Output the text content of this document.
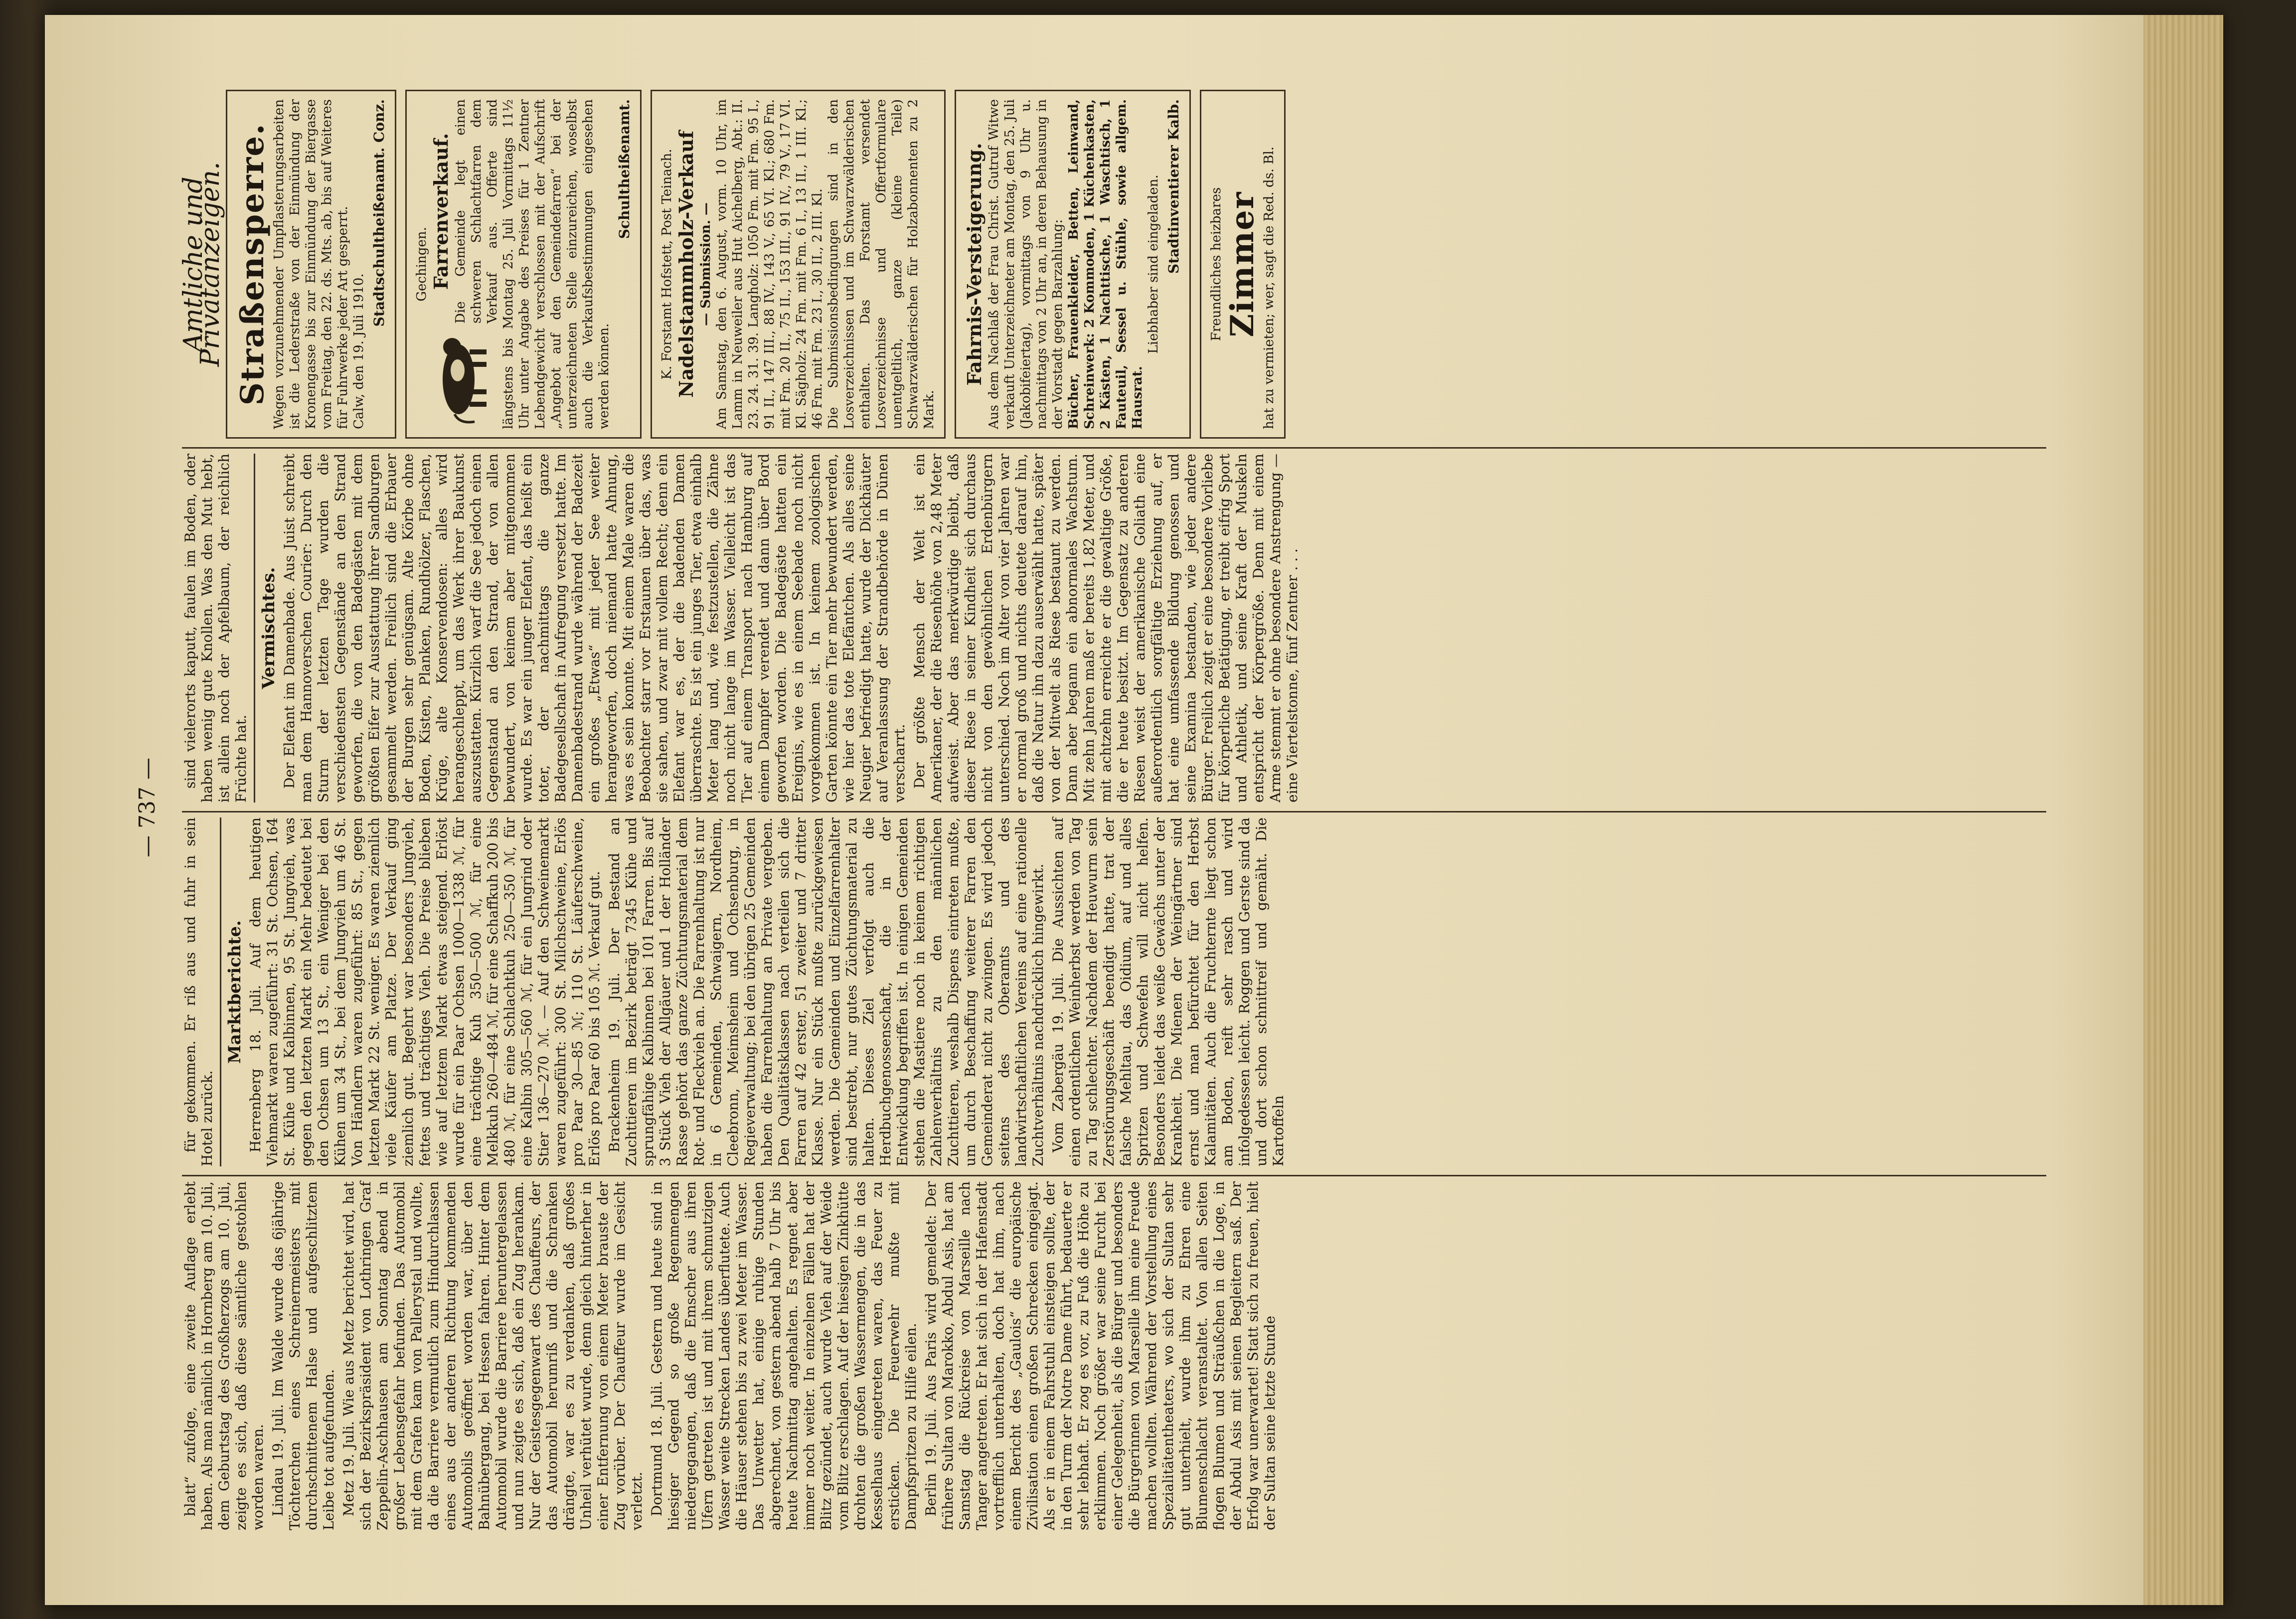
— 737 —

blatt“ zufolge, eine zweite Auflage erlebt haben. Als man nämlich in Hornberg am 10. Juli, dem Geburtstag des Großherzogs am 10. Juli, zeigte es sich, daß diese sämtliche gestohlen worden waren. Lindau 19. Juli. Im Walde wurde das 6jährige Töchterchen eines Schreinermeisters mit durchschnittenem Halse und aufgeschlitztem Leibe tot aufgefunden. Metz 19. Juli. Wie aus Metz berichtet wird, hat sich der Bezirkspräsident von Lothringen Graf Zeppelin-Aschhausen am Sonntag abend in großer Lebensgefahr befunden. Das Automobil mit dem Grafen kam von Pallerystal und wollte, da die Barriere vermutlich zum Hindurchlassen eines aus der anderen Richtung kommenden Automobils geöffnet worden war, über den Bahnübergang, bei Hessen fahren. Hinter dem Automobil wurde die Barriere heruntergelassen und nun zeigte es sich, daß ein Zug herankam. Nur der Geistesgegenwart des Chauffeurs, der das Automobil herumriß und die Schranken drängte, war es zu verdanken, daß großes Unheil verhütet wurde, denn gleich hinterher in einer Entfernung von einem Meter brauste der Zug vorüber. Der Chauffeur wurde im Gesicht verletzt. Dortmund 18. Juli. Gestern und heute sind in hiesiger Gegend so große Regenmengen niedergegangen, daß die Emscher aus ihren Ufern getreten ist und mit ihrem schmutzigen Wasser weite Strecken Landes überflutete. Auch die Häuser stehen bis zu zwei Meter im Wasser. Das Unwetter hat, einige ruhige Stunden abgerechnet, von gestern abend halb 7 Uhr bis heute Nachmittag angehalten. Es regnet aber immer noch weiter. In einzelnen Fällen hat der Blitz gezündet, auch wurde Vieh auf der Weide vom Blitz erschlagen. Auf der hiesigen Zinkhütte drohten die großen Wassermengen, die in das Kesselhaus eingetreten waren, das Feuer zu ersticken. Die Feuerwehr mußte mit Dampfspritzen zu Hilfe eilen. Berlin 19. Juli. Aus Paris wird gemeldet: Der frühere Sultan von Marokko, Abdul Asis, hat am Samstag die Rückreise von Marseille nach Tanger angetreten. Er hat sich in der Hafenstadt vortrefflich unterhalten, doch hat ihm, nach einem Bericht des „Gaulois“ die europäische Zivilisation einen großen Schrecken eingejagt. Als er in einem Fahrstuhl einsteigen sollte, der in den Turm der Notre Dame führt, bedauerte er sehr lebhaft. Er zog es vor, zu Fuß die Höhe zu erklimmen. Noch größer war seine Furcht bei einer Gelegenheit, als die Bürger und besonders die Bürgerinnen von Marseille ihm eine Freude machen wollten. Während der Vorstellung eines Spezialitätentheaters, wo sich der Sultan sehr gut unterhielt, wurde ihm zu Ehren eine Blumenschlacht veranstaltet. Von allen Seiten flogen Blumen und Sträußchen in die Loge, in der Abdul Asis mit seinen Begleitern saß. Der Erfolg war unerwartet! Statt sich zu freuen, hielt der Sultan seine letzte Stunde

für gekommen. Er riß aus und fuhr in sein Hotel zurück.

Marktberichte. Herrenberg 18. Juli. Auf dem heutigen Viehmarkt waren zugeführt: 31 St. Ochsen, 164 St. Kühe und Kalbinnen, 95 St. Jungvieh, was gegen den letzten Markt ein Mehr bedeutet bei den Ochsen um 13 St., ein Weniger bei den Kühen um 34 St., bei dem Jungvieh um 46 St. Von Händlern waren zugeführt: 85 St., gegen letzten Markt 22 St. weniger. Es waren ziemlich viele Käufer am Platze. Der Verkauf ging ziemlich gut. Begehrt war besonders Jungvieh, fettes und trächtiges Vieh. Die Preise blieben wie auf letztem Markt etwas steigend. Erlöst wurde für ein Paar Ochsen 1000—1338 ℳ, für eine trächtige Kuh 350—500 ℳ, für eine Melkkuh 260—484 ℳ, für eine Schaffkuh 200 bis 480 ℳ, für eine Schlachtkuh 250—350 ℳ, für eine Kalbin 305—560 ℳ, für ein Jungrind oder Stier 136—270 ℳ. — Auf den Schweinemarkt waren zugeführt: 300 St. Milchschweine, Erlös pro Paar 30—85 ℳ; 110 St. Läuferschweine, Erlös pro Paar 60 bis 105 ℳ. Verkauf gut. Brackenheim 19. Juli. Der Bestand an Zuchttieren im Bezirk beträgt 7345 Kühe und sprungfähige Kalbinnen bei 101 Farren. Bis auf 3 Stück Vieh der Allgäuer und 1 der Holländer Rasse gehört das ganze Züchtungsmaterial dem Rot- und Fleckvieh an. Die Farrenhaltung ist nur in 6 Gemeinden, Schwaigern, Nordheim, Cleebronn, Meimsheim und Ochsenburg, in Regieverwaltung; bei den übrigen 25 Gemeinden haben die Farrenhaltung an Private vergeben. Den Qualitätsklassen nach verteilen sich die Farren auf 42 erster, 51 zweiter und 7 dritter Klasse. Nur ein Stück mußte zurückgewiesen werden. Die Gemeinden und Einzelfarrenhalter sind bestrebt, nur gutes Züchtungsmaterial zu halten. Dieses Ziel verfolgt auch die Herdbuchgenossenschaft, die in der Entwicklung begriffen ist. In einigen Gemeinden stehen die Mastiere noch in keinem richtigen Zahlenverhältnis zu den männlichen Zuchttieren, weshalb Dispens eintreten mußte, um durch Beschaffung weiterer Farren den Gemeinderat nicht zu zwingen. Es wird jedoch seitens des Oberamts und des landwirtschaftlichen Vereins auf eine rationelle Zuchtverhältnis nachdrücklich hingewirkt. Vom Zabergäu 19. Juli. Die Aussichten auf einen ordentlichen Weinherbst werden von Tag zu Tag schlechter. Nachdem der Heuwurm sein Zerstörungsgeschäft beendigt hatte, trat der falsche Mehltau, das Oidium, auf und alles Spritzen und Schwefeln will nicht helfen. Besonders leidet das weiße Gewächs unter der Krankheit. Die Mienen der Weingärtner sind ernst und man befürchtet für den Herbst Kalamitäten. Auch die Fruchternte liegt schon am Boden, reift sehr rasch und wird infolgedessen leicht. Roggen und Gerste sind da und dort schon schnittreif und gemäht. Die Kartoffeln

sind vielerorts kaputt, faulen im Boden, oder haben wenig gute Knollen. Was den Mut hebt, ist allein noch der Apfelbaum, der reichlich Früchte hat.

Vermischtes. Der Elefant im Damenbade. Aus Juist schreibt man dem Hannoverschen Courier: Durch den Sturm der letzten Tage wurden die verschiedensten Gegenstände an den Strand geworfen, die von den Badegästen mit dem größten Eifer zur Ausstattung ihrer Sandburgen gesammelt werden. Freilich sind die Erbauer der Burgen sehr genügsam. Alte Körbe ohne Boden, Kisten, Planken, Rundhölzer, Flaschen, Krüge, alte Konservendosen: alles wird herangeschleppt, um das Werk ihrer Baukunst auszustatten. Kürzlich warf die See jedoch einen Gegenstand an den Strand, der von allen bewundert, von keinem aber mitgenommen wurde. Es war ein junger Elefant, das heißt ein toter, der nachmittags die ganze Badegesellschaft in Aufregung versetzt hatte. Im Damenbadestrand wurde während der Badezeit ein großes „Etwas“ mit jeder See weiter herangeworfen, doch niemand hatte Ahnung, was es sein konnte. Mit einem Male waren die Beobachter starr vor Erstaunen über das, was sie sahen, und zwar mit vollem Recht; denn ein Elefant war es, der die badenden Damen überraschte. Es ist ein junges Tier, etwa einhalb Meter lang und, wie festzustellen, die Zähne noch nicht lange im Wasser. Vielleicht ist das Tier auf einem Transport nach Hamburg auf einem Dampfer verendet und dann über Bord geworfen worden. Die Badegäste hatten ein Ereignis, wie es in einem Seebade noch nicht vorgekommen ist. In keinem zoologischen Garten könnte ein Tier mehr bewundert werden, wie hier das tote Elefäntchen. Als alles seine Neugier befriedigt hatte, wurde der Dickhäuter auf Veranlassung der Strandbehörde in Dünen verscharrt. Der größte Mensch der Welt ist ein Amerikaner, der die Riesenhöhe von 2,48 Meter aufweist. Aber das merkwürdige bleibt, daß dieser Riese in seiner Kindheit sich durchaus nicht von den gewöhnlichen Erdenbürgern unterschied. Noch im Alter von vier Jahren war er normal groß und nichts deutete darauf hin, daß die Natur ihn dazu auserwählt hatte, später von der Mitwelt als Riese bestaunt zu werden. Dann aber begann ein abnormales Wachstum. Mit zehn Jahren maß er bereits 1,82 Meter, und mit achtzehn erreichte er die gewaltige Größe, die er heute besitzt. Im Gegensatz zu anderen Riesen weist der amerikanische Goliath eine außerordentlich sorgfältige Erziehung auf, er hat eine umfassende Bildung genossen und seine Examina bestanden, wie jeder andere Bürger. Freilich zeigt er eine besondere Vorliebe für körperliche Betätigung, er treibt eifrig Sport und Athletik, und seine Kraft der Muskeln entspricht der Körpergröße. Denn mit einem Arme stemmt er ohne besondere Anstrengung — eine Viertelstonne, fünf Zentner . . .

Amtliche und Privatanzeigen. Straßensperre. Wegen vorzunehmender Umpflasterungsarbeiten ist die Lederstraße von der Einmündung der Kronengasse bis zur Einmündung der Biergasse vom Freitag, den 22. ds. Mts. ab, bis auf Weiteres für Fuhrwerke jeder Art gesperrt. Calw, den 19. Juli 1910.
Stadtschultheißenamt. Conz. Gechingen. Farrenverkauf. Die Gemeinde legt einen schweren Schlachtfarren dem Verkauf aus. Offerte sind längstens bis Montag 25. Juli Vormittags 11½ Uhr unter Angabe des Preises für 1 Zentner Lebendgewicht verschlossen mit der Aufschrift „Angebot auf den Gemeindefarren“ bei der unterzeichneten Stelle einzureichen, woselbst auch die Verkaufsbestimmungen eingesehen werden können.
Schultheißenamt. K. Forstamt Hofstett, Post Teinach. Nadelstammholz-Verkauf — Submission. — Am Samstag, den 6. August, vorm. 10 Uhr, im Lamm in Neuweiler aus Hut Aichelberg, Abt.: II. 23. 24. 31. 39. Langholz: 1050 Fm. mit Fm. 95 I., 91 II., 147 III., 88 IV., 143 V., 65 VI. Kl.; 680 Fm. mit Fm. 20 II., 75 II., 153 III., 91 IV., 79 V., 17 VI. Kl. Sägholz: 24 Fm. mit Fm. 6 I., 13 II., 1 III. Kl.; 46 Fm. mit Fm. 23 I., 30 II., 2 III. Kl. Die Submissionsbedingungen sind in den Losverzeichnissen und im Schwarzwälderischen enthalten. Das Forstamt versendet Losverzeichnisse und Offertformulare unentgeltlich, ganze (kleine Teile) Schwarzwälderischen für Holzabonnenten zu 2 Mark.
Fahrnis-Versteigerung. Aus dem Nachlaß der Frau Christ. Gutruf Witwe verkauft Unterzeichneter am Montag, den 25. Juli (Jakobifeiertag), vormittags von 9 Uhr u. nachmittags von 2 Uhr an, in deren Behausung in der Vorstadt gegen Barzahlung: Bücher, Frauenkleider, Betten, Leinwand, Schreinwerk: 2 Kommoden, 1 Küchenkasten, 2 Kästen, 1 Nachttische, 1 Waschtisch, 1 Fauteuil, Sessel u. Stühle, sowie allgem. Hausrat.
Liebhaber sind eingeladen. Stadtinventierer Kalb. Freundliches heizbares Zimmer hat zu vermieten; wer, sagt die Red. ds. Bl.
